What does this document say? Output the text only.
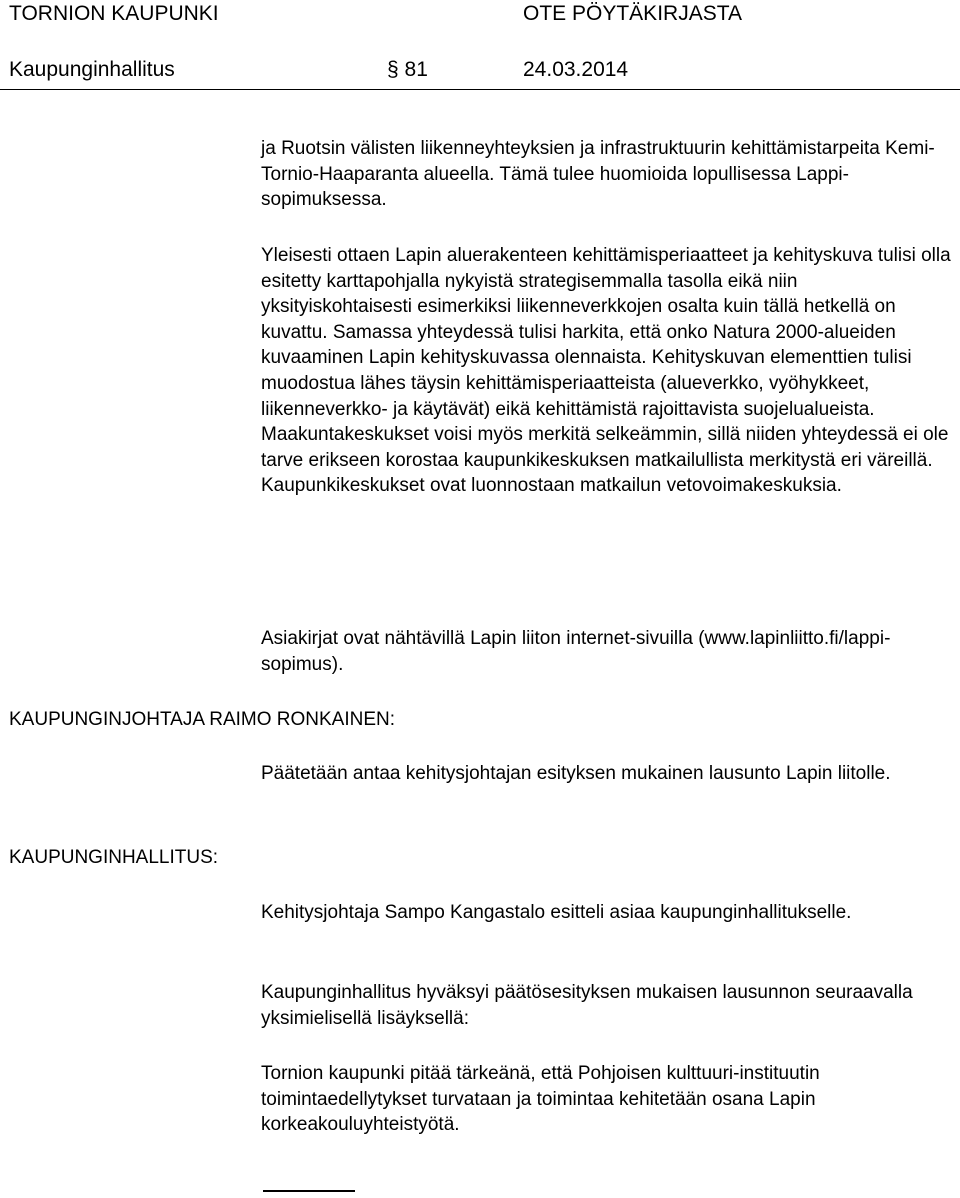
TORNION KAUPUNKI	OTE PÖYTÄKIRJASTA
Kaupunginhallitus	§ 81	24.03.2014

ja Ruotsin välisten liikenneyhteyksien ja infrastruktuurin kehittämistarpeita Kemi-Tornio-Haaparanta alueella. Tämä tulee huomioida lopullisessa Lappi-sopimuksessa.

Yleisesti ottaen Lapin aluerakenteen kehittämisperiaatteet ja kehityskuva tulisi olla esitetty karttapohjalla nykyistä strategisemmalla tasolla eikä niin yksityiskohtaisesti esimerkiksi liikenneverkkojen osalta kuin tällä hetkellä on kuvattu. Samassa yhteydessä tulisi harkita, että onko Natura 2000-alueiden kuvaaminen Lapin kehityskuvassa olennaista. Kehityskuvan elementtien tulisi muodostua lähes täysin kehittämisperiaatteista (alueverkko, vyöhykkeet, liikenneverkko- ja käytävät) eikä kehittämistä rajoittavista suojelualueista. Maakuntakeskukset voisi myös merkitä selkeämmin, sillä niiden yhteydessä ei ole tarve erikseen korostaa kaupunkikeskuksen matkailullista merkitystä eri väreillä. Kaupunkikeskukset ovat luonnostaan matkailun vetovoimakeskuksia.

Asiakirjat ovat nähtävillä Lapin liiton internet-sivuilla (www.lapinliitto.fi/lappi-sopimus).

KAUPUNGINJOHTAJA RAIMO RONKAINEN:

Päätetään antaa kehitysjohtajan esityksen mukainen lausunto Lapin liitolle.

KAUPUNGINHALLITUS:

Kehitysjohtaja Sampo Kangastalo esitteli asiaa kaupunginhallitukselle.

Kaupunginhallitus hyväksyi päätösesityksen mukaisen lausunnon seuraavalla yksimielisellä lisäyksellä:

Tornion kaupunki pitää tärkeänä, että Pohjoisen kulttuuri-instituutin toimintaedellytykset turvataan ja toimintaa kehitetään osana Lapin korkeakouluyhteistyötä.
